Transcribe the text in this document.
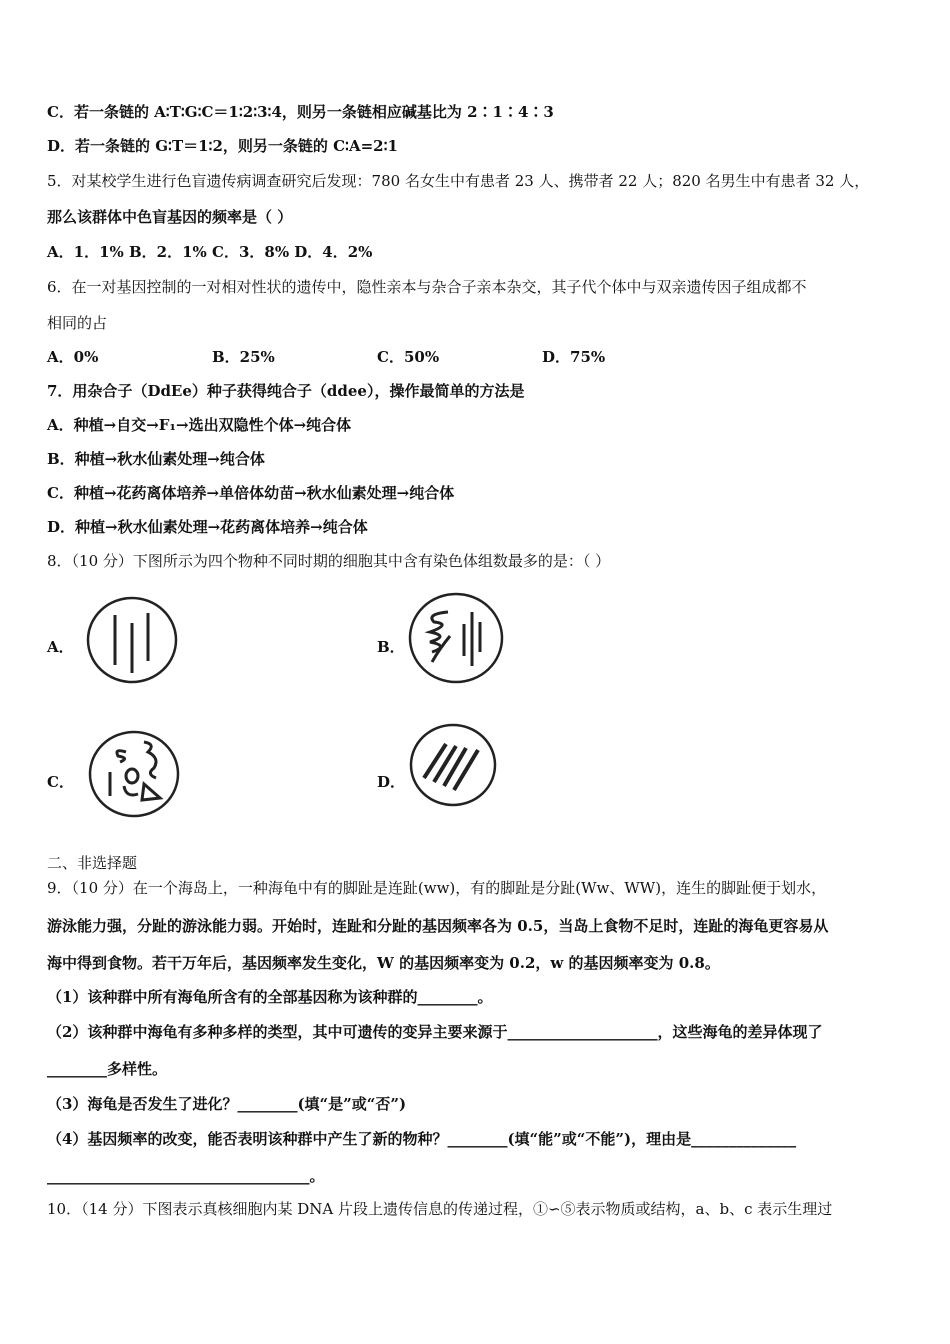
C．若一条链的 A∶T∶G∶C＝1∶2∶3∶4，则另一条链相应碱基比为 2∶1∶4∶3
D．若一条链的 G∶T＝1∶2，则另一条链的 C∶A=2∶1
5．对某校学生进行色盲遗传病调查研究后发现：780 名女生中有患者 23 人、携带者 22 人；820 名男生中有患者 32 人，
那么该群体中色盲基因的频率是（ ）
A．1．1% B．2．1% C．3．8% D．4．2%
6．在一对基因控制的一对相对性状的遗传中，隐性亲本与杂合子亲本杂交，其子代个体中与双亲遗传因子组成都不
相同的占
A．0%	B．25%	C．50%	D．75%
7．用杂合子（DdEe）种子获得纯合子（ddee），操作最简单的方法是
A．种植→自交→F₁→选出双隐性个体→纯合体
B．种植→秋水仙素处理→纯合体
C．种植→花药离体培养→单倍体幼苗→秋水仙素处理→纯合体
D．种植→秋水仙素处理→花药离体培养→纯合体
8．（10 分）下图所示为四个物种不同时期的细胞其中含有染色体组数最多的是：（ ）
A．	B．
C．	D．
二、非选择题
9．（10 分）在一个海岛上，一种海龟中有的脚趾是连趾(ww)，有的脚趾是分趾(Ww、WW)，连生的脚趾便于划水，
游泳能力强，分趾的游泳能力弱。开始时，连趾和分趾的基因频率各为 0.5，当岛上食物不足时，连趾的海龟更容易从
海中得到食物。若干万年后，基因频率发生变化，W 的基因频率变为 0.2，w 的基因频率变为 0.8。
（1）该种群中所有海龟所含有的全部基因称为该种群的________。
（2）该种群中海龟有多种多样的类型，其中可遗传的变异主要来源于____________________，这些海龟的差异体现了
________多样性。
（3）海龟是否发生了进化？________(填“是”或“否”)
（4）基因频率的改变，能否表明该种群中产生了新的物种？________(填“能”或“不能”)，理由是______________
___________________________________。
10．（14 分）下图表示真核细胞内某 DNA 片段上遗传信息的传递过程，①∽⑤表示物质或结构，a、b、c 表示生理过
